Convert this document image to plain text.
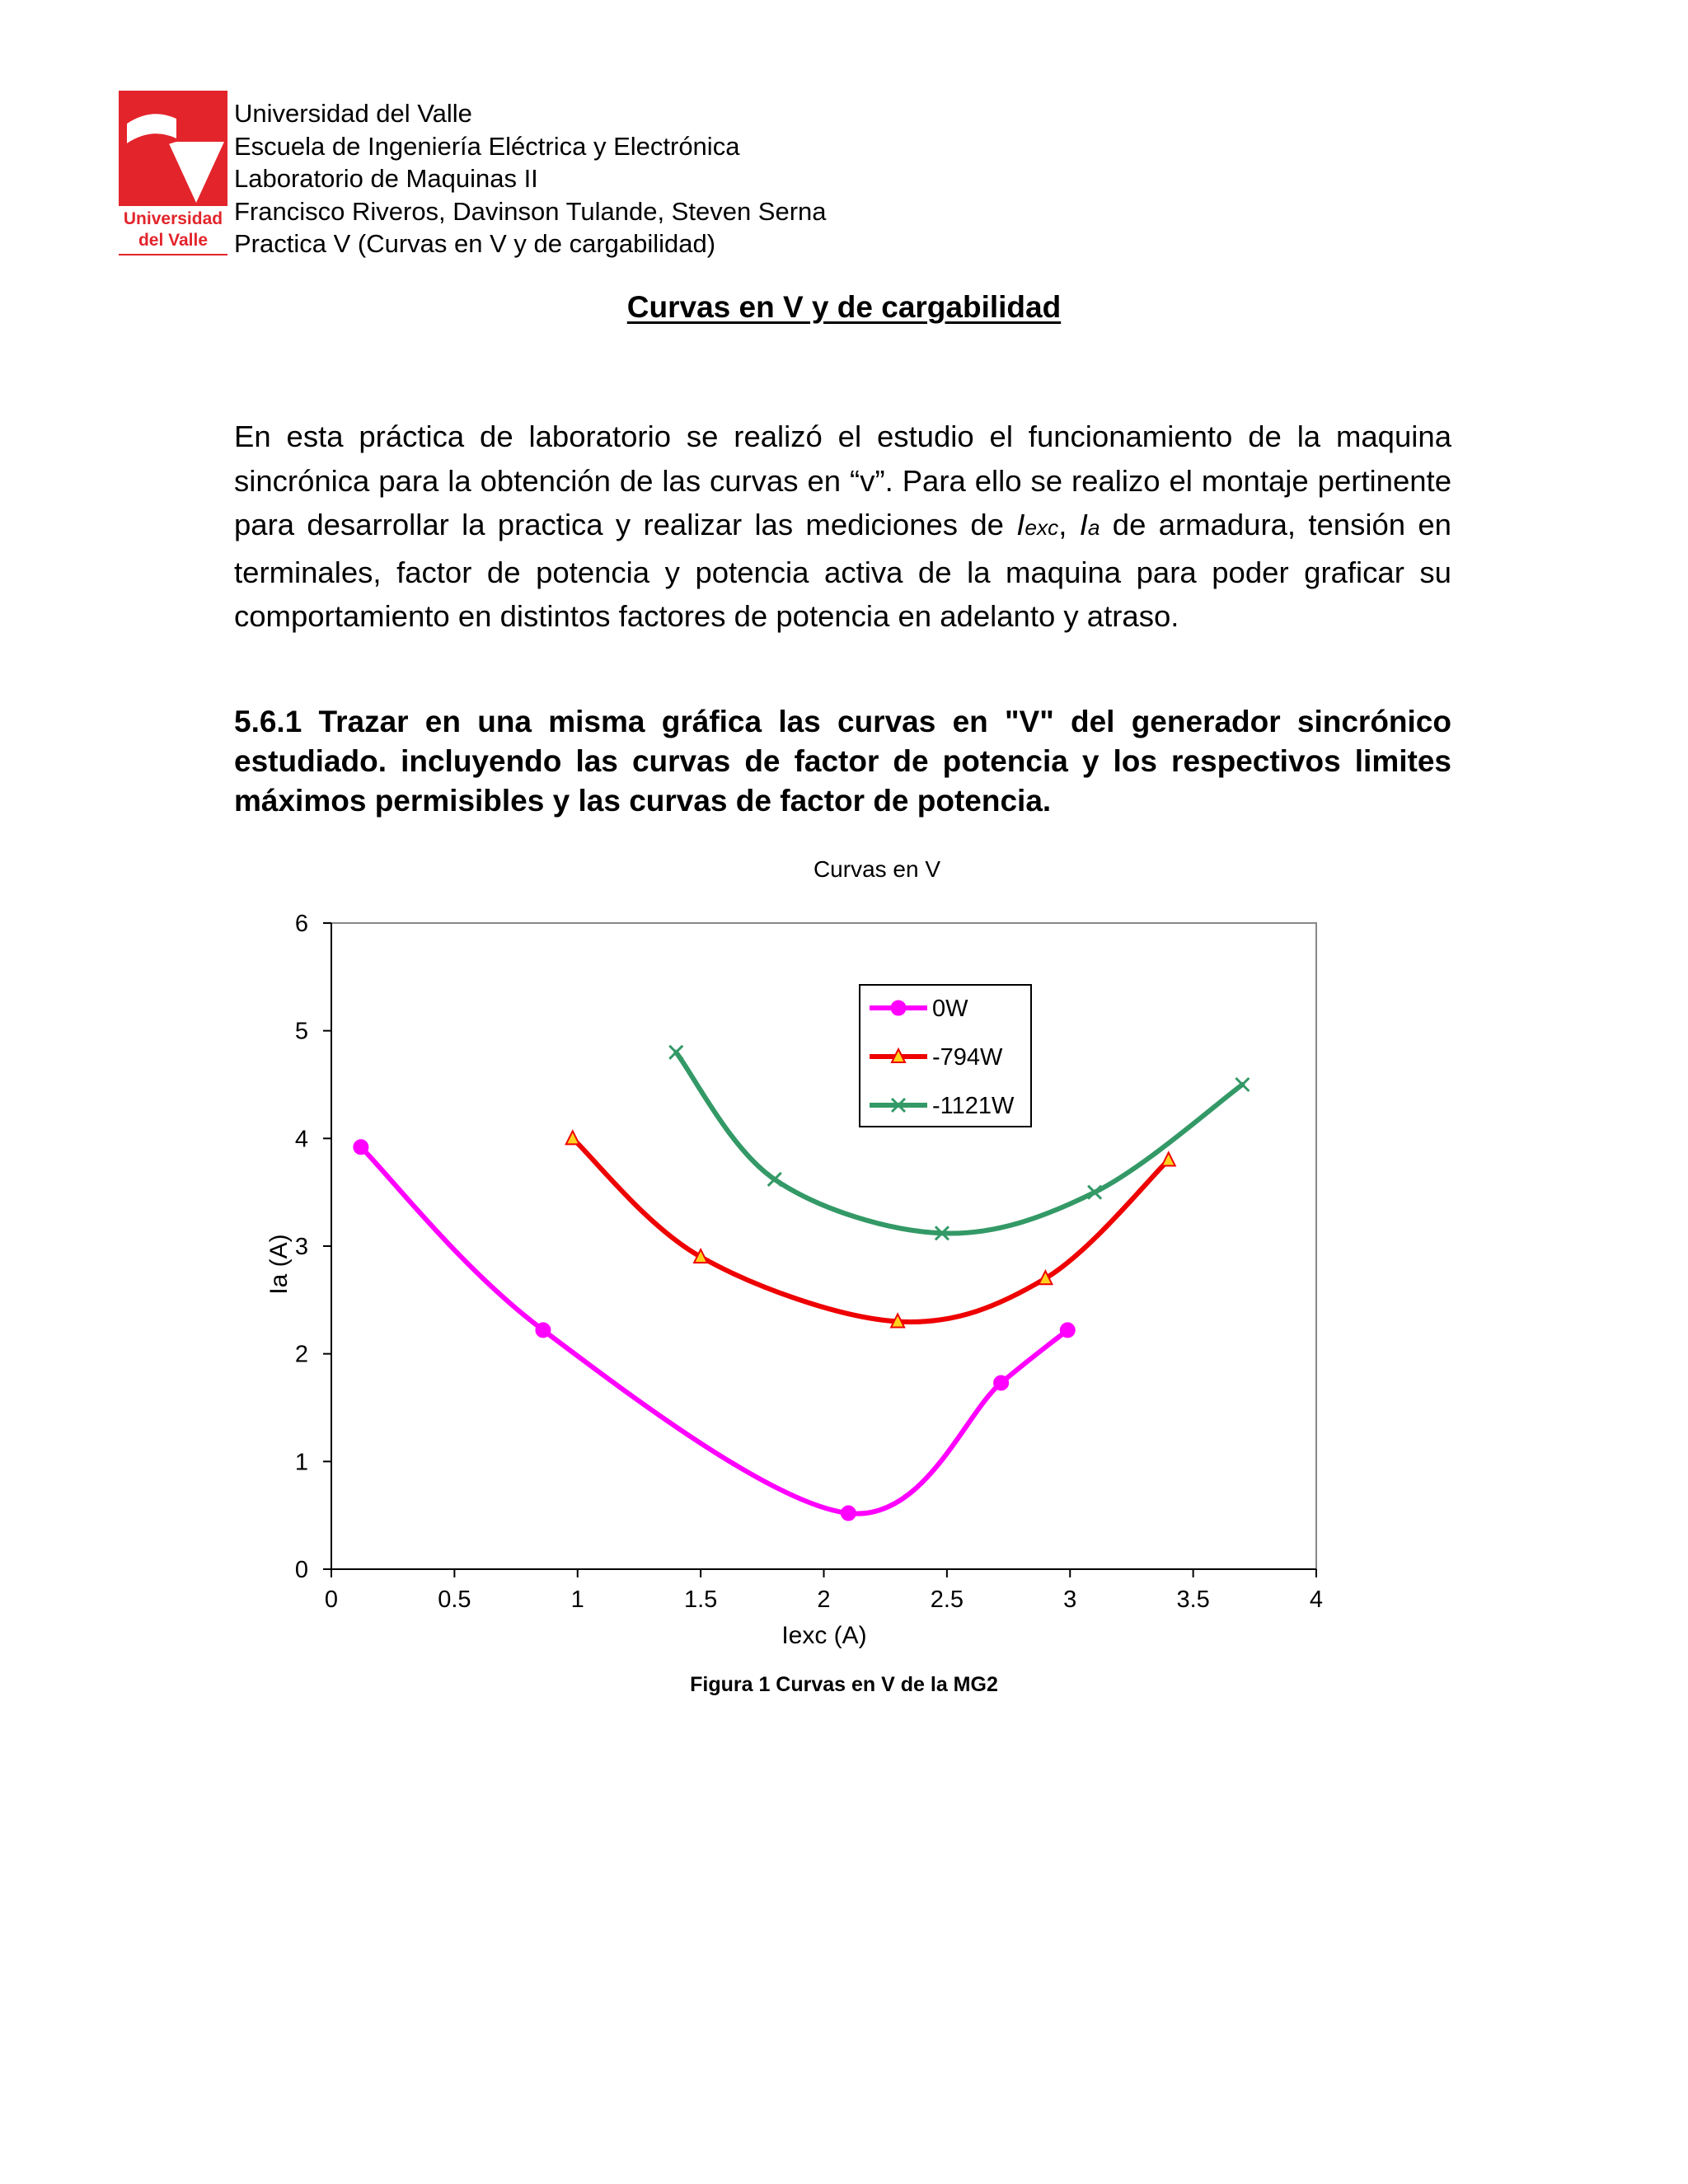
Universidad
del Valle
Universidad del Valle
Escuela de Ingeniería Eléctrica y Electrónica
Laboratorio de Maquinas II
Francisco Riveros, Davinson Tulande, Steven Serna
Practica V (Curvas en V y de cargabilidad)
Curvas en V y de cargabilidad
En esta práctica de laboratorio se realizó el estudio el funcionamiento de la maquina sincrónica para la obtención de las curvas en “v”. Para ello se realizo el montaje pertinente para desarrollar la practica y realizar las mediciones de Iexc, Ia de armadura, tensión en terminales, factor de potencia y potencia activa de la maquina para poder graficar su comportamiento en distintos factores de potencia en adelanto y atraso.
5.6.1 Trazar en una misma gráfica las curvas en "V" del generador sincrónico estudiado. incluyendo las curvas de factor de potencia y los respectivos limites máximos permisibles y las curvas de factor de potencia.
Curvas en V
Iexc (A)
Ia (A)
0	0.5	1	1.5	2	2.5	3	3.5	4
0
1
2
3
4
5
6
0W
-794W
-1121W
Figura 1 Curvas en V de la MG2
